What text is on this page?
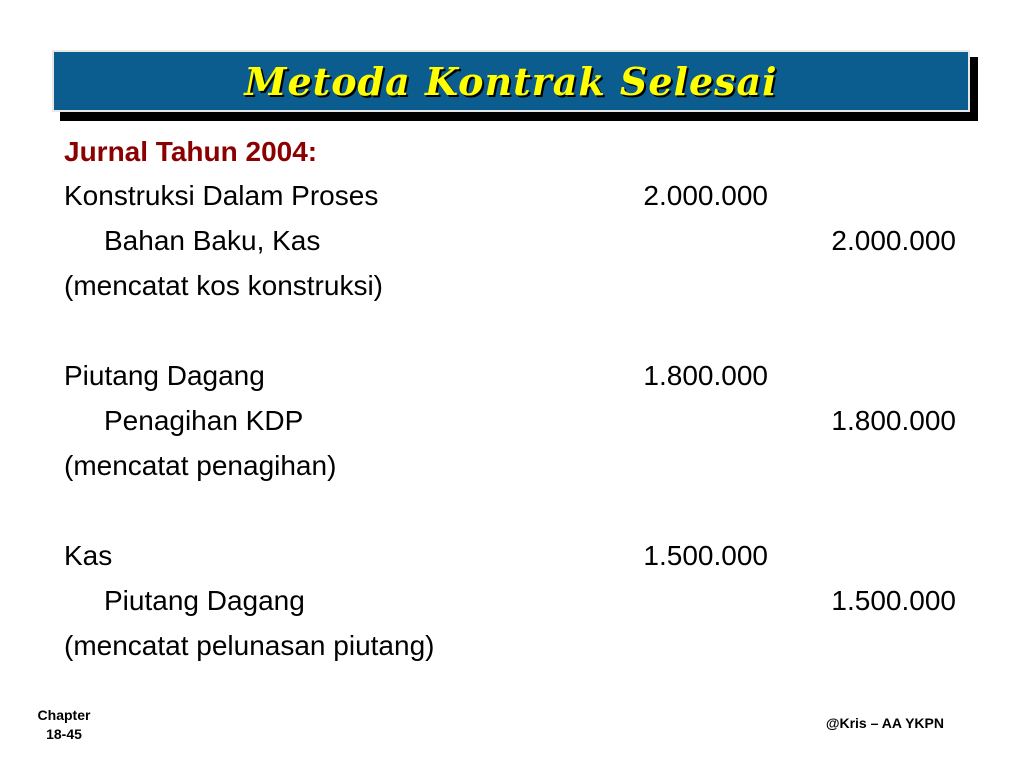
Metoda Kontrak Selesai
Jurnal Tahun 2004:
Konstruksi Dalam Proses	2.000.000
Bahan Baku, Kas	2.000.000
(mencatat kos konstruksi)
Piutang Dagang	1.800.000
Penagihan KDP	1.800.000
(mencatat penagihan)
Kas	1.500.000
Piutang Dagang	1.500.000
(mencatat pelunasan piutang)
Chapter
18-45
@Kris – AA YKPN
